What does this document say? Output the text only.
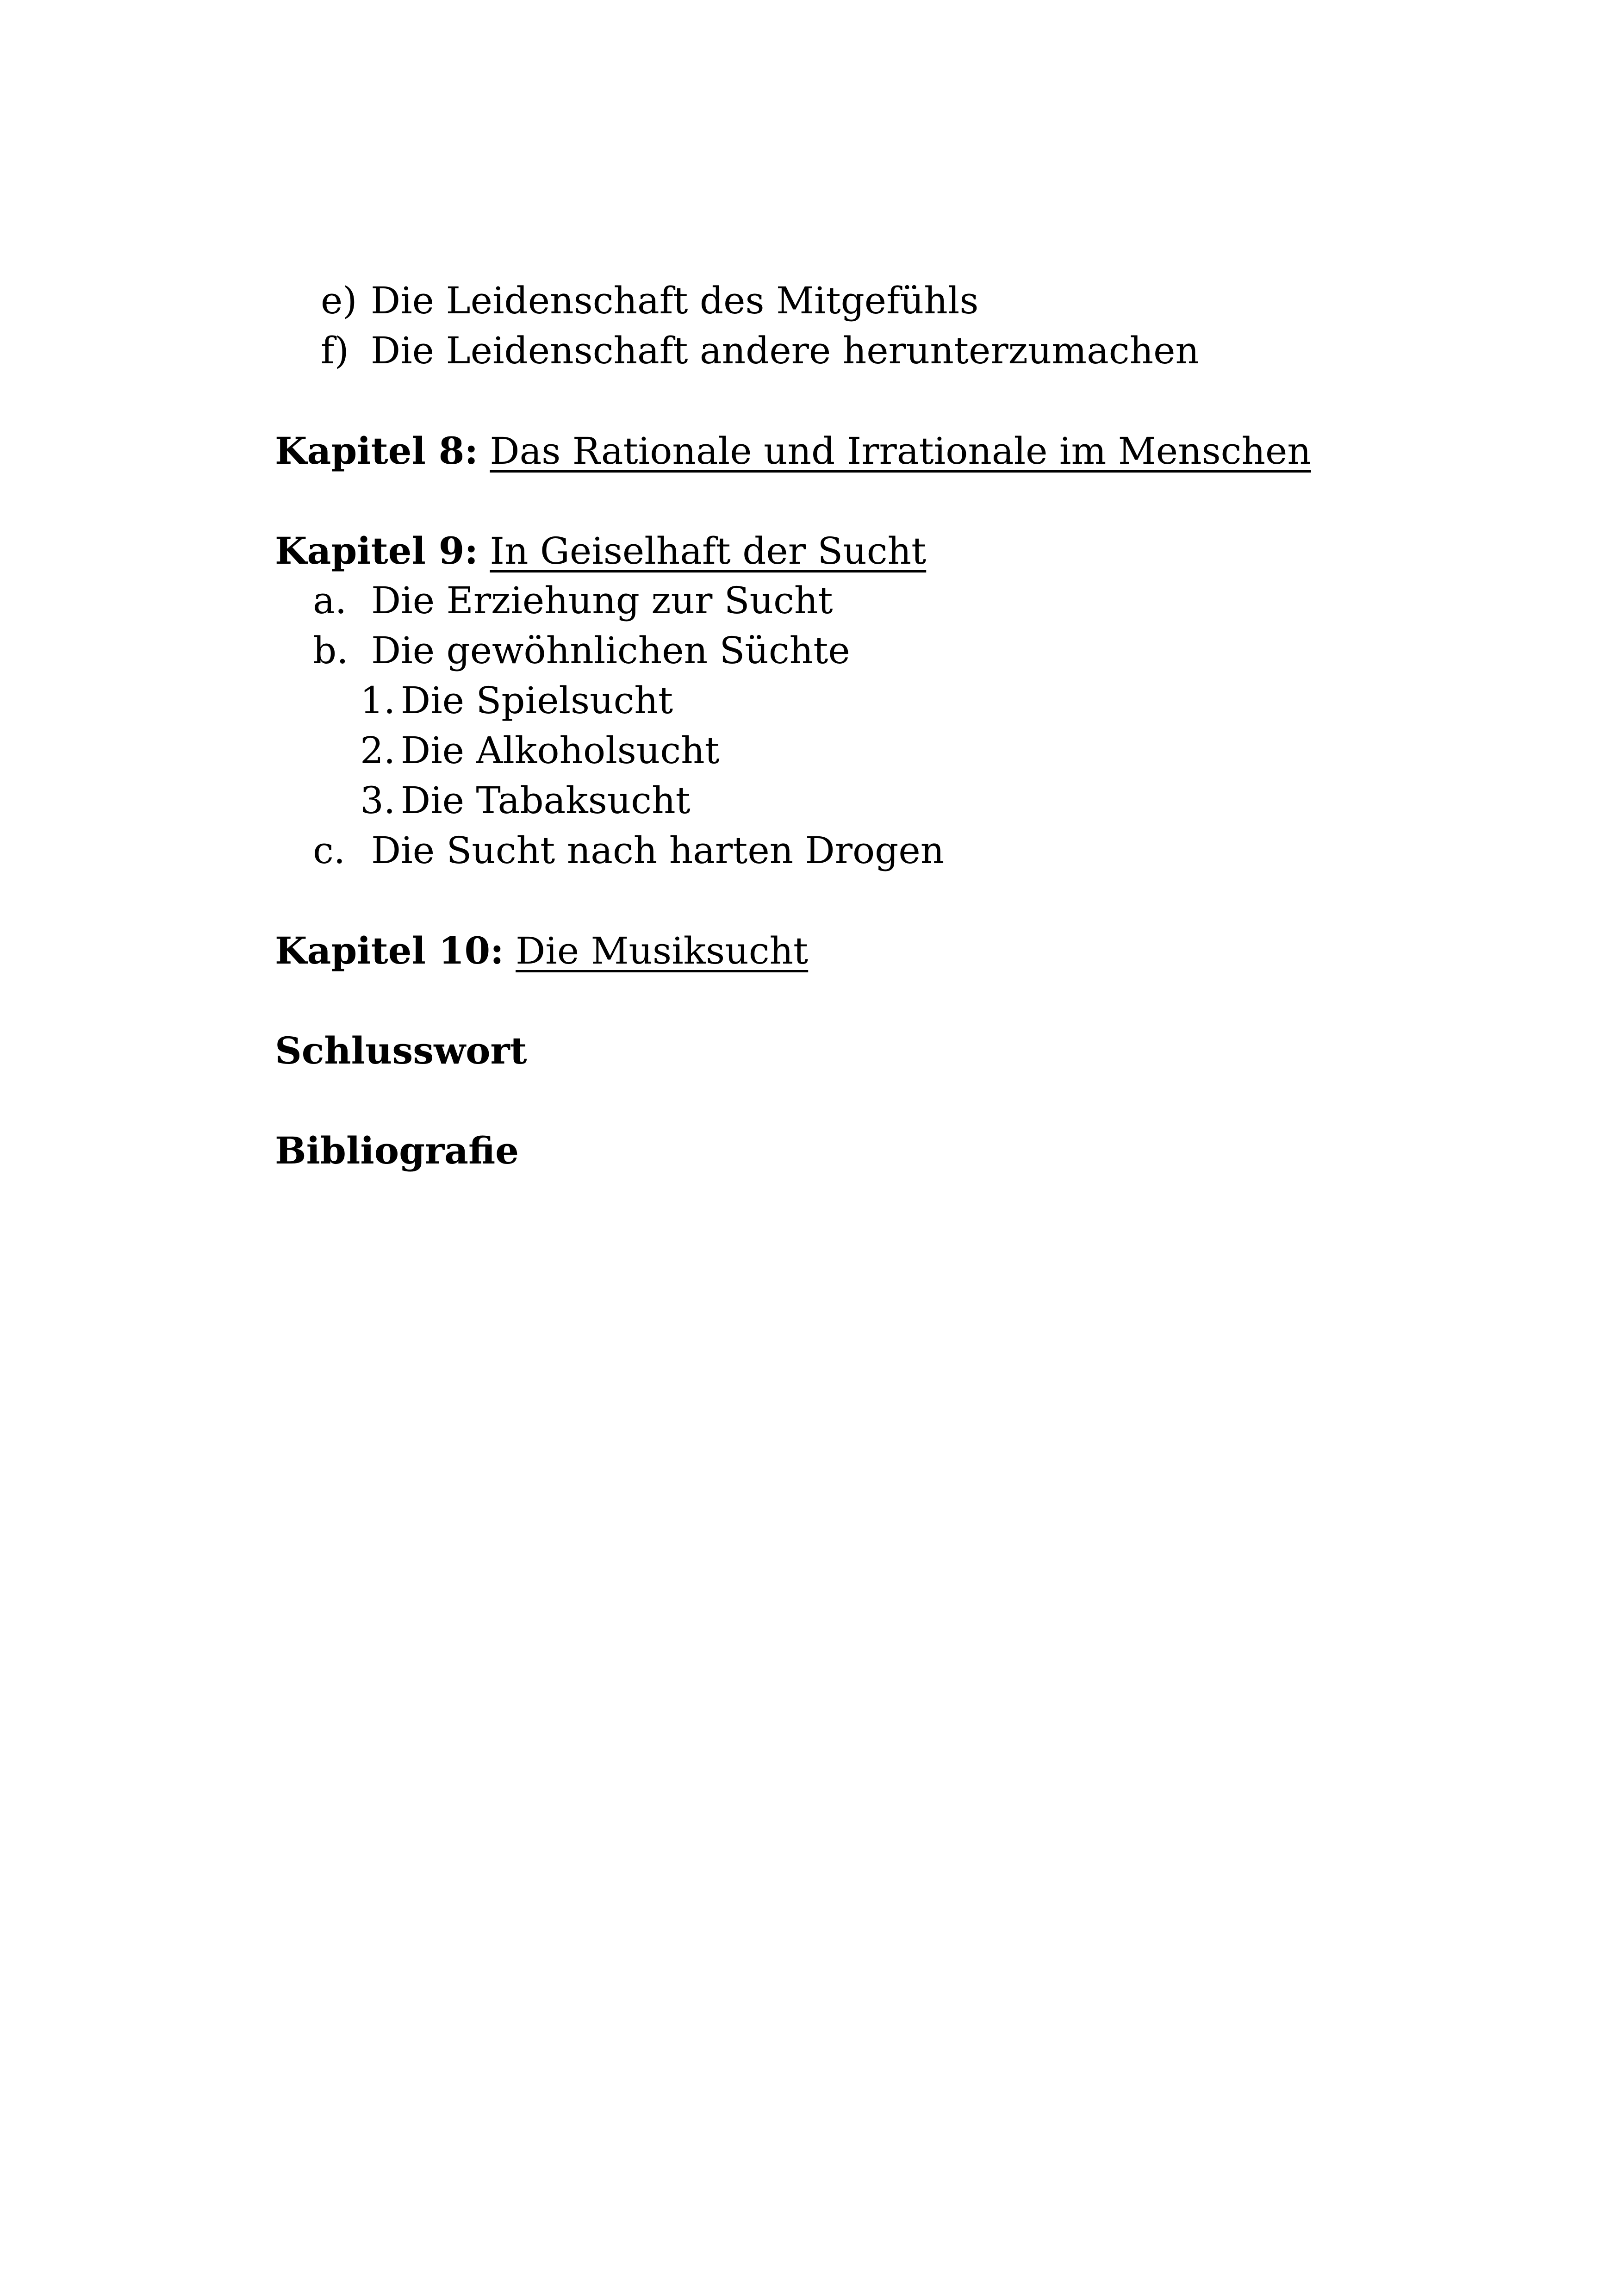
e) Die Leidenschaft des Mitgefühls
f) Die Leidenschaft andere herunterzumachen
Kapitel 8: Das Rationale und Irrationale im Menschen
Kapitel 9: In Geiselhaft der Sucht
a. Die Erziehung zur Sucht
b. Die gewöhnlichen Süchte
1. Die Spielsucht
2. Die Alkoholsucht
3. Die Tabaksucht
c. Die Sucht nach harten Drogen
Kapitel 10: Die Musiksucht
Schlusswort
Bibliografie
